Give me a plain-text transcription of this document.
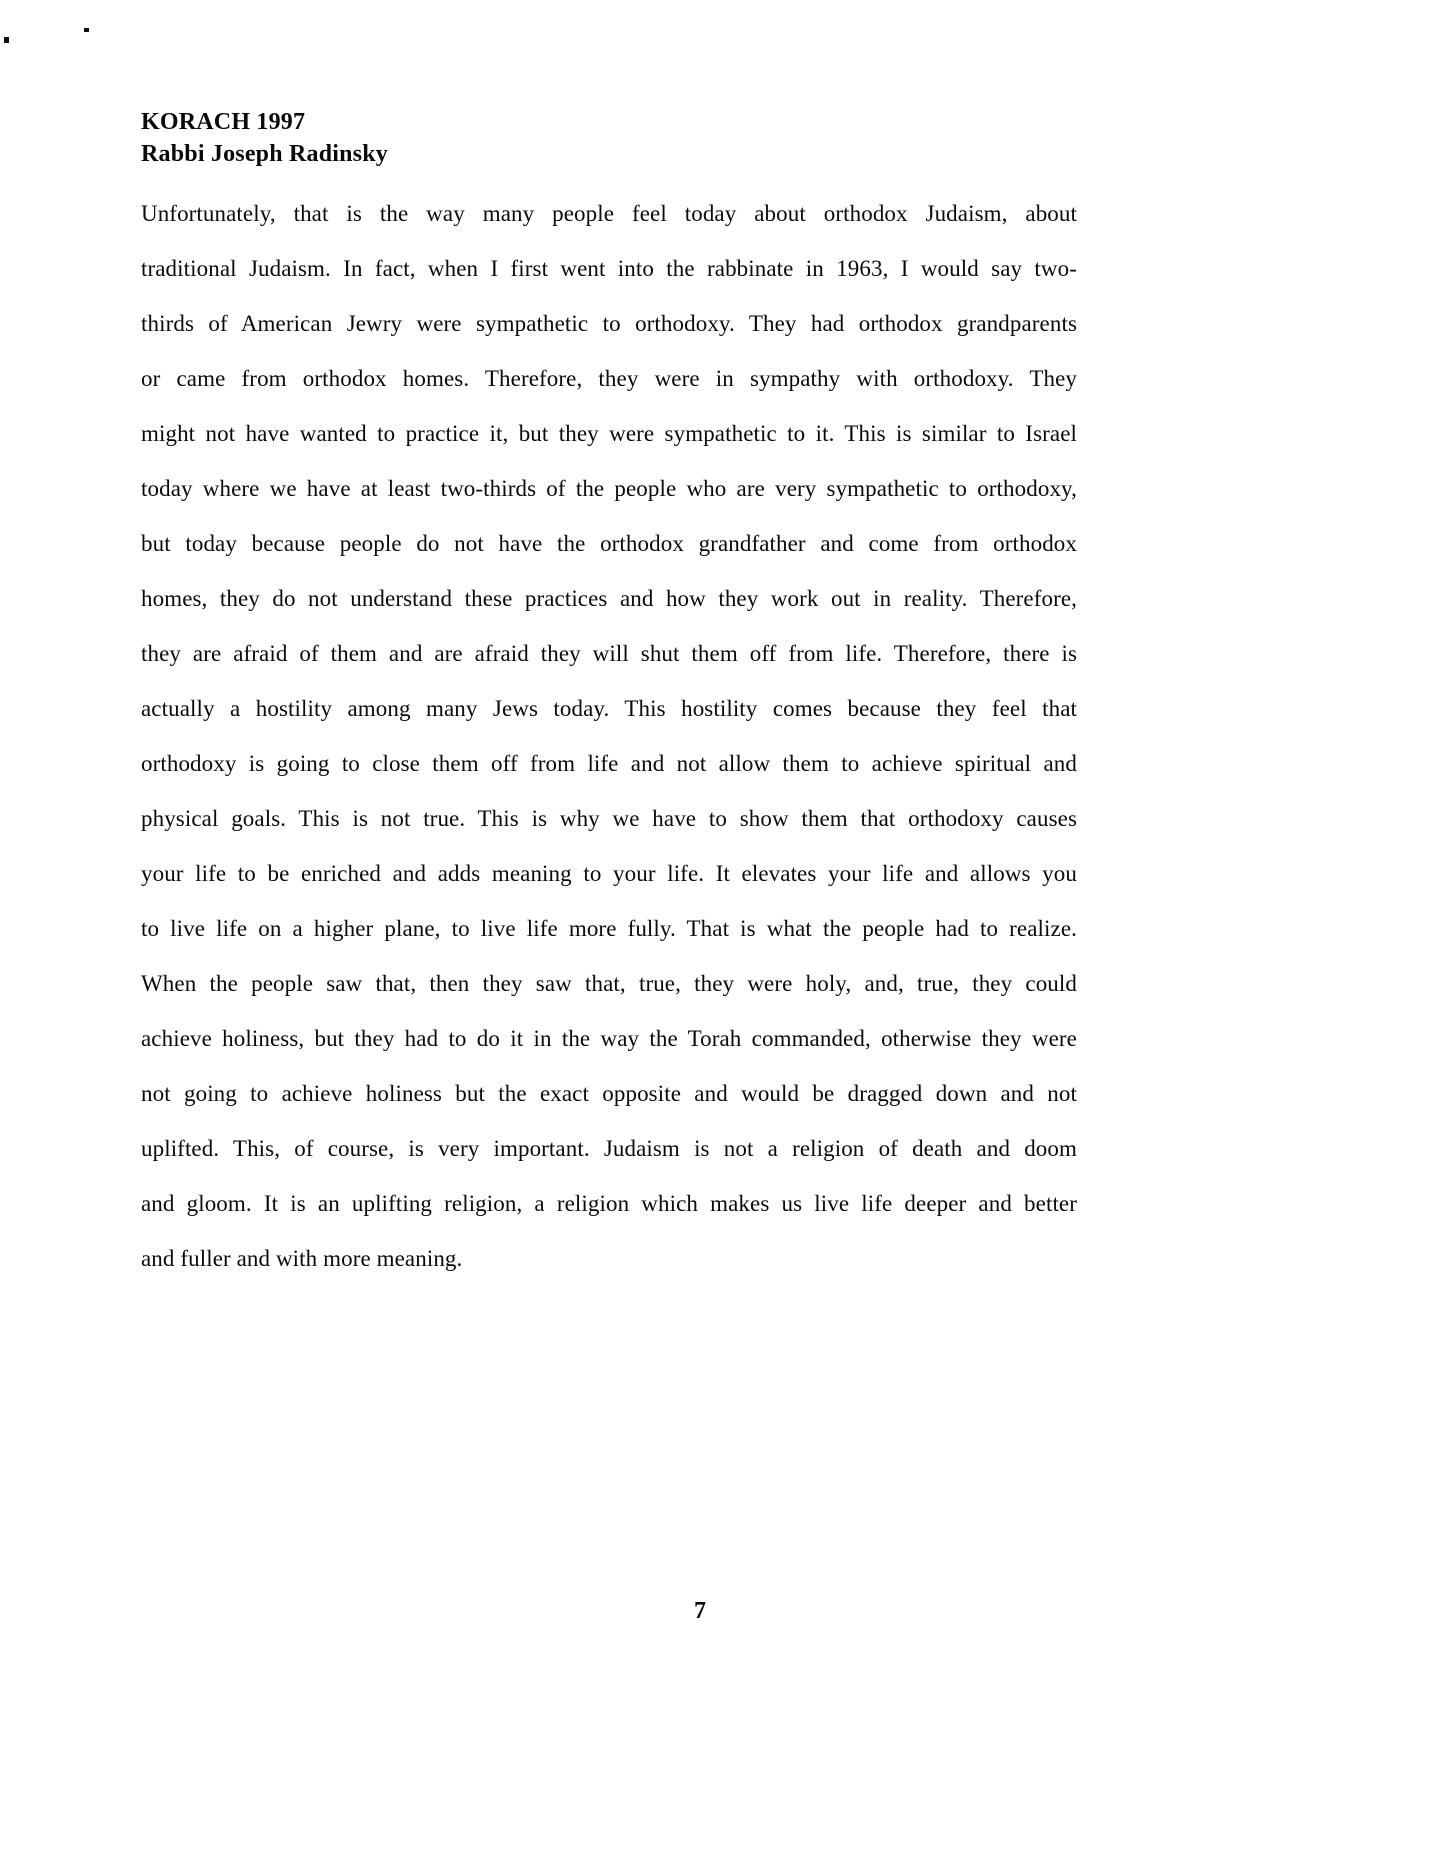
KORACH 1997
Rabbi Joseph Radinsky
Unfortunately, that is the way many people feel today about orthodox Judaism, about
traditional Judaism. In fact, when I first went into the rabbinate in 1963, I would say two-
thirds of American Jewry were sympathetic to orthodoxy. They had orthodox grandparents
or came from orthodox homes. Therefore, they were in sympathy with orthodoxy. They
might not have wanted to practice it, but they were sympathetic to it. This is similar to Israel
today where we have at least two-thirds of the people who are very sympathetic to orthodoxy,
but today because people do not have the orthodox grandfather and come from orthodox
homes, they do not understand these practices and how they work out in reality. Therefore,
they are afraid of them and are afraid they will shut them off from life. Therefore, there is
actually a hostility among many Jews today. This hostility comes because they feel that
orthodoxy is going to close them off from life and not allow them to achieve spiritual and
physical goals. This is not true. This is why we have to show them that orthodoxy causes
your life to be enriched and adds meaning to your life. It elevates your life and allows you
to live life on a higher plane, to live life more fully. That is what the people had to realize.
When the people saw that, then they saw that, true, they were holy, and, true, they could
achieve holiness, but they had to do it in the way the Torah commanded, otherwise they were
not going to achieve holiness but the exact opposite and would be dragged down and not
uplifted. This, of course, is very important. Judaism is not a religion of death and doom
and gloom. It is an uplifting religion, a religion which makes us live life deeper and better
and fuller and with more meaning.
7
